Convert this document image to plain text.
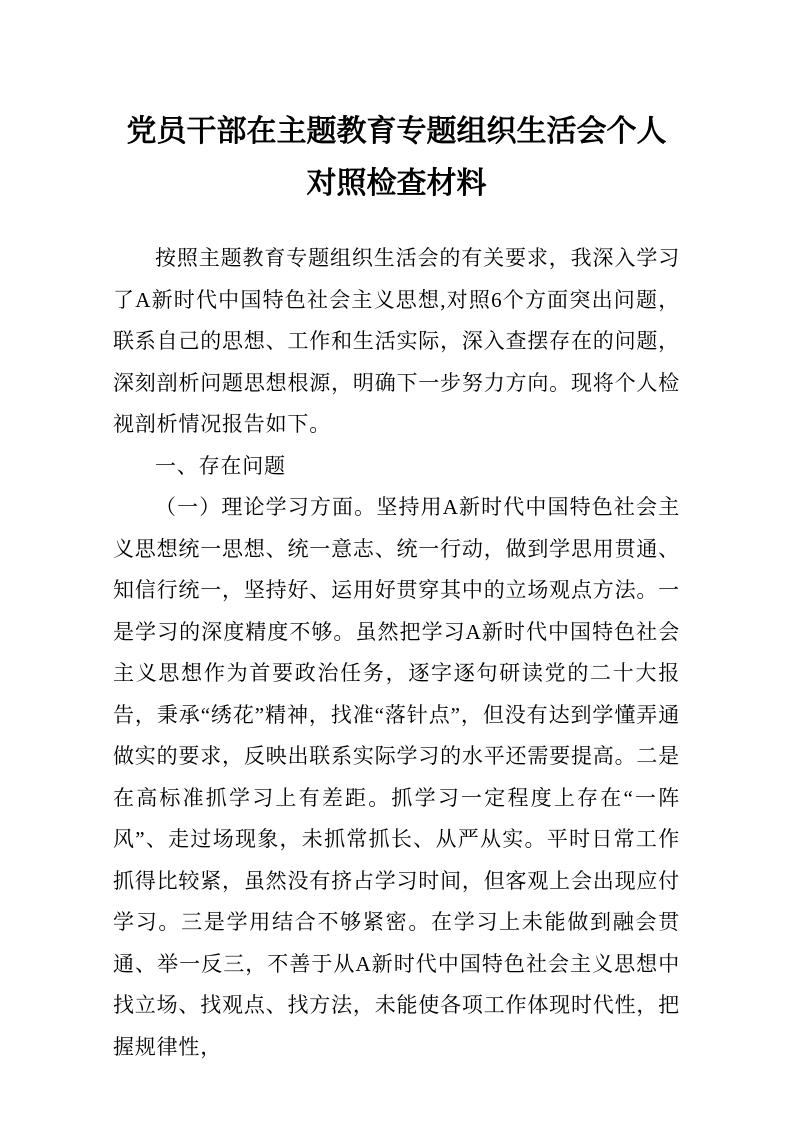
党员干部在主题教育专题组织生活会个人对照检查材料

按照主题教育专题组织生活会的有关要求，我深入学习了A新时代中国特色社会主义思想,对照6个方面突出问题，联系自己的思想、工作和生活实际，深入查摆存在的问题，深刻剖析问题思想根源，明确下一步努力方向。现将个人检视剖析情况报告如下。

一、存在问题

（一）理论学习方面。坚持用A新时代中国特色社会主义思想统一思想、统一意志、统一行动，做到学思用贯通、知信行统一，坚持好、运用好贯穿其中的立场观点方法。一是学习的深度精度不够。虽然把学习A新时代中国特色社会主义思想作为首要政治任务，逐字逐句研读党的二十大报告，秉承“绣花”精神，找准“落针点”，但没有达到学懂弄通做实的要求，反映出联系实际学习的水平还需要提高。二是在高标准抓学习上有差距。抓学习一定程度上存在“一阵风”、走过场现象，未抓常抓长、从严从实。平时日常工作抓得比较紧，虽然没有挤占学习时间，但客观上会出现应付学习。三是学用结合不够紧密。在学习上未能做到融会贯通、举一反三，不善于从A新时代中国特色社会主义思想中找立场、找观点、找方法，未能使各项工作体现时代性，把握规律性，
